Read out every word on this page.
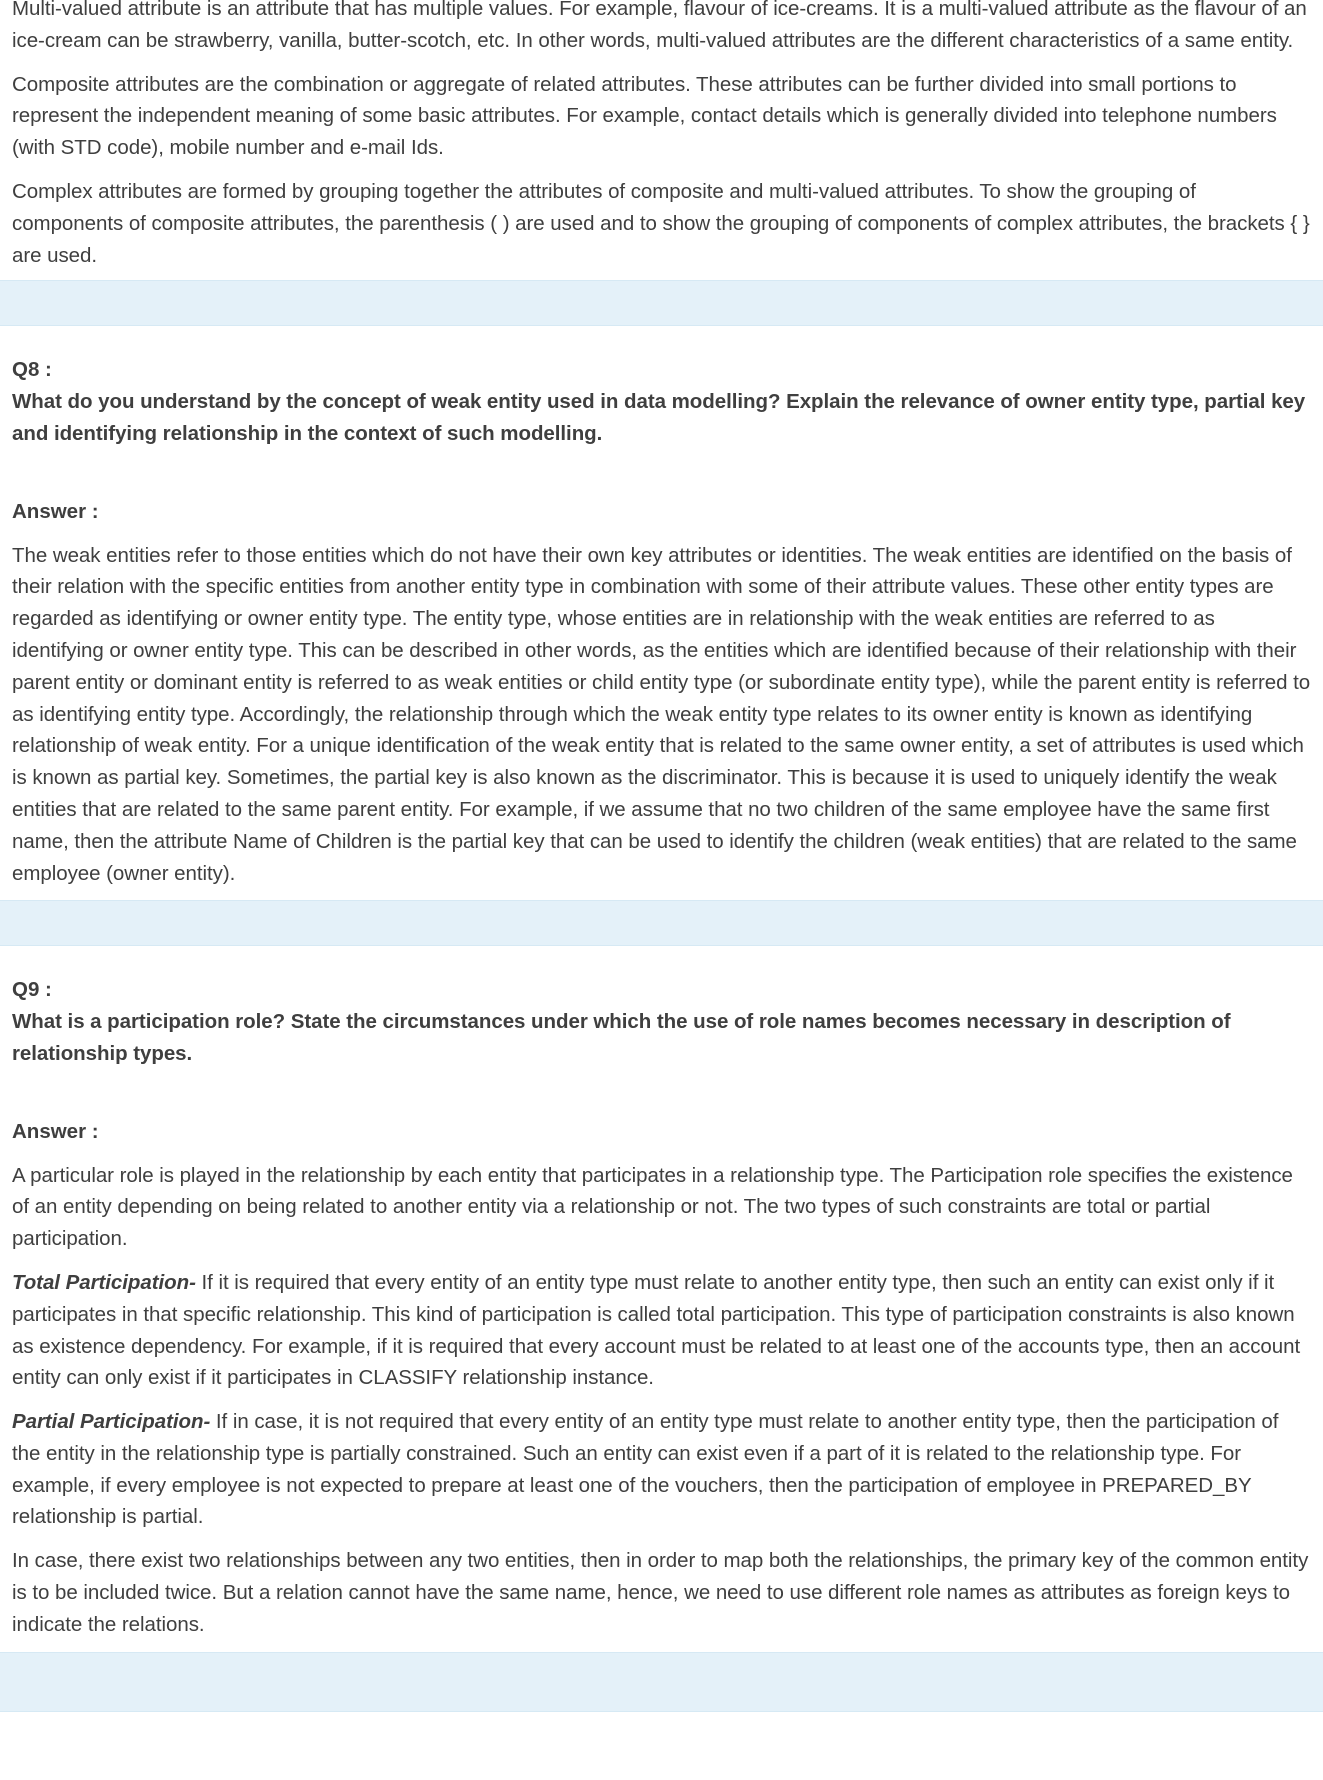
Multi-valued attribute is an attribute that has multiple values. For example, flavour of ice-creams. It is a multi-valued attribute as the flavour of an ice-cream can be strawberry, vanilla, butter-scotch, etc. In other words, multi-valued attributes are the different characteristics of a same entity.

Composite attributes are the combination or aggregate of related attributes. These attributes can be further divided into small portions to represent the independent meaning of some basic attributes. For example, contact details which is generally divided into telephone numbers (with STD code), mobile number and e-mail Ids.

Complex attributes are formed by grouping together the attributes of composite and multi-valued attributes. To show the grouping of components of composite attributes, the parenthesis ( ) are used and to show the grouping of components of complex attributes, the brackets { } are used.

Q8 :

What do you understand by the concept of weak entity used in data modelling? Explain the relevance of owner entity type, partial key and identifying relationship in the context of such modelling.

Answer :

The weak entities refer to those entities which do not have their own key attributes or identities. The weak entities are identified on the basis of their relation with the specific entities from another entity type in combination with some of their attribute values. These other entity types are regarded as identifying or owner entity type. The entity type, whose entities are in relationship with the weak entities are referred to as identifying or owner entity type. This can be described in other words, as the entities which are identified because of their relationship with their parent entity or dominant entity is referred to as weak entities or child entity type (or subordinate entity type), while the parent entity is referred to as identifying entity type. Accordingly, the relationship through which the weak entity type relates to its owner entity is known as identifying relationship of weak entity. For a unique identification of the weak entity that is related to the same owner entity, a set of attributes is used which is known as partial key. Sometimes, the partial key is also known as the discriminator. This is because it is used to uniquely identify the weak entities that are related to the same parent entity. For example, if we assume that no two children of the same employee have the same first name, then the attribute Name of Children is the partial key that can be used to identify the children (weak entities) that are related to the same employee (owner entity).

Q9 :

What is a participation role? State the circumstances under which the use of role names becomes necessary in description of relationship types.

Answer :

A particular role is played in the relationship by each entity that participates in a relationship type. The Participation role specifies the existence of an entity depending on being related to another entity via a relationship or not. The two types of such constraints are total or partial participation.

Total Participation- If it is required that every entity of an entity type must relate to another entity type, then such an entity can exist only if it participates in that specific relationship. This kind of participation is called total participation. This type of participation constraints is also known as existence dependency. For example, if it is required that every account must be related to at least one of the accounts type, then an account entity can only exist if it participates in CLASSIFY relationship instance.

Partial Participation- If in case, it is not required that every entity of an entity type must relate to another entity type, then the participation of the entity in the relationship type is partially constrained. Such an entity can exist even if a part of it is related to the relationship type. For example, if every employee is not expected to prepare at least one of the vouchers, then the participation of employee in PREPARED_BY relationship is partial.

In case, there exist two relationships between any two entities, then in order to map both the relationships, the primary key of the common entity is to be included twice. But a relation cannot have the same name, hence, we need to use different role names as attributes as foreign keys to indicate the relations.
